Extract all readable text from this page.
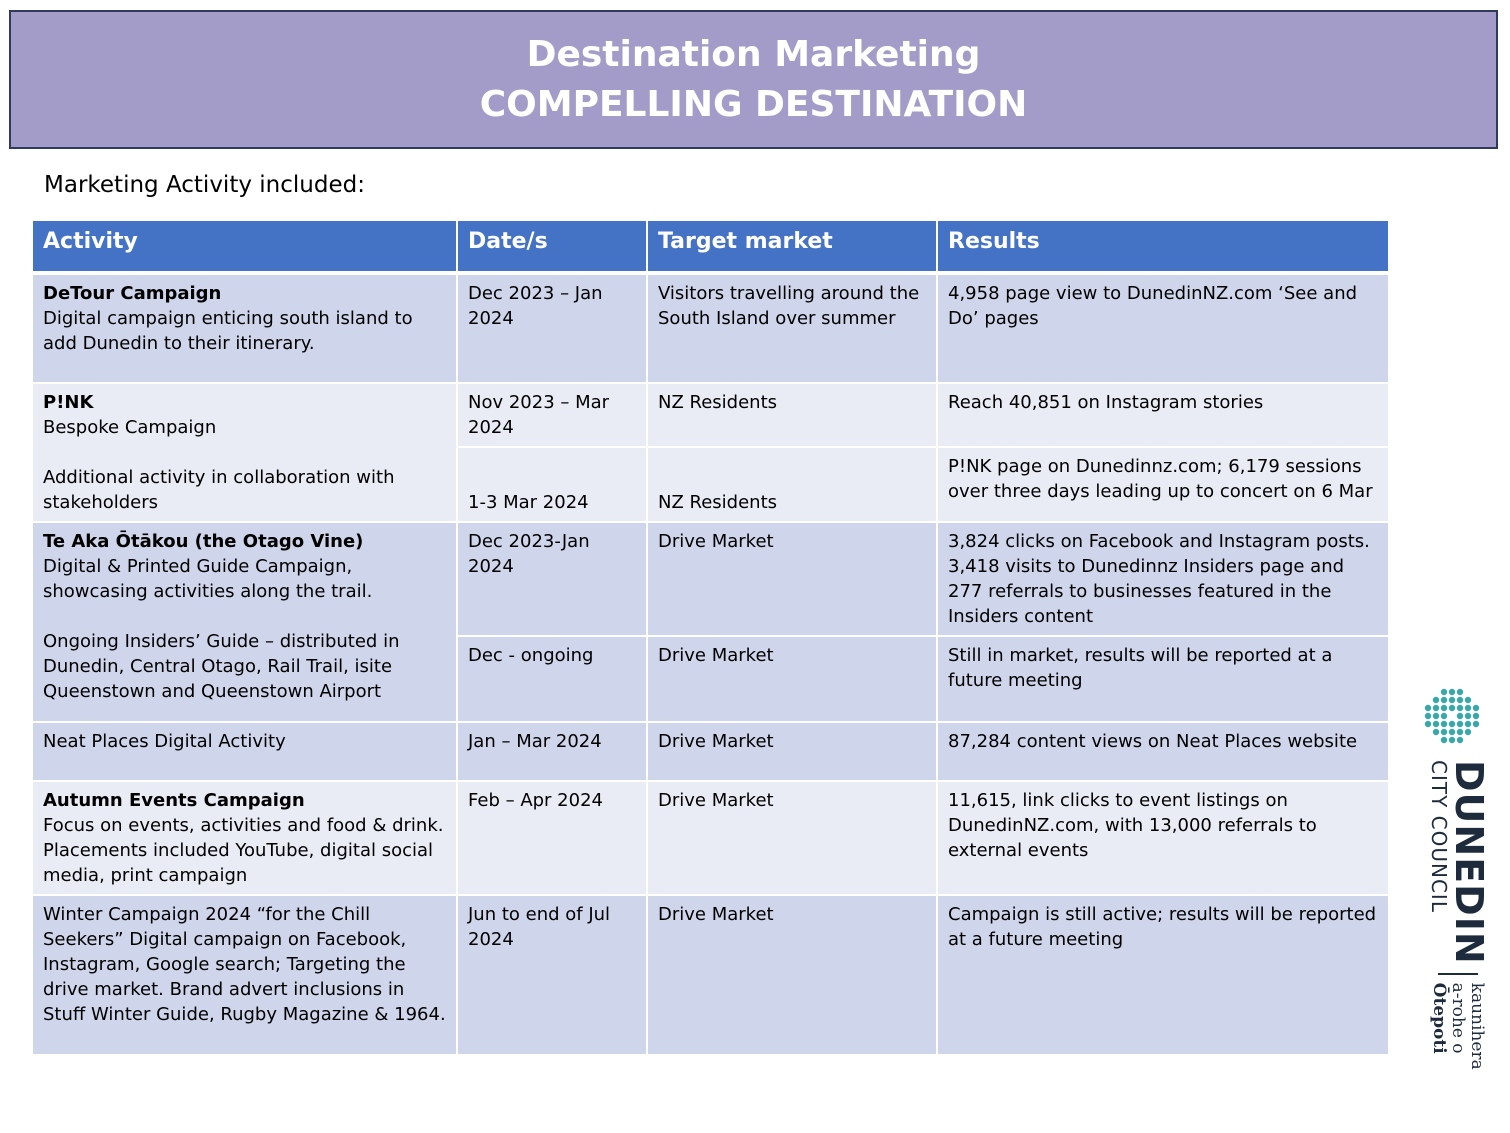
Destination Marketing
COMPELLING DESTINATION
Marketing Activity included:
Activity	Date/s	Target market	Results

DeTour Campaign
Digital campaign enticing south island to add Dunedin to their itinerary.	Dec 2023 – Jan 2024	Visitors travelling around the South Island over summer	4,958 page view to DunedinNZ.com ‘See and Do’ pages

P!NK
Bespoke Campaign
Additional activity in collaboration with stakeholders	Nov 2023 – Mar 2024	NZ Residents	Reach 40,851 on Instagram stories
	1-3 Mar 2024	NZ Residents	P!NK page on Dunedinnz.com; 6,179 sessions over three days leading up to concert on 6 Mar

Te Aka Ōtākou (the Otago Vine)
Digital & Printed Guide Campaign, showcasing activities along the trail.
Ongoing Insiders’ Guide – distributed in Dunedin, Central Otago, Rail Trail, isite Queenstown and Queenstown Airport	Dec 2023-Jan 2024	Drive Market	3,824 clicks on Facebook and Instagram posts. 3,418 visits to Dunedinnz Insiders page and 277 referrals to businesses featured in the Insiders content
	Dec - ongoing	Drive Market	Still in market, results will be reported at a future meeting
Neat Places Digital Activity	Jan – Mar 2024	Drive Market	87,284 content views on Neat Places website

Autumn Events Campaign
Focus on events, activities and food & drink. Placements included YouTube, digital social media, print campaign	Feb – Apr 2024	Drive Market	11,615, link clicks to event listings on DunedinNZ.com, with 13,000 referrals to external events
Winter Campaign 2024 “for the Chill Seekers” Digital campaign on Facebook, Instagram, Google search; Targeting the drive market. Brand advert inclusions in Stuff Winter Guide, Rugby Magazine & 1964.	Jun to end of Jul 2024	Drive Market	Campaign is still active; results will be reported at a future meeting	DUNEDIN
CITY COUNCIL
kaunihera
a-rohe o
Ōtepoti
